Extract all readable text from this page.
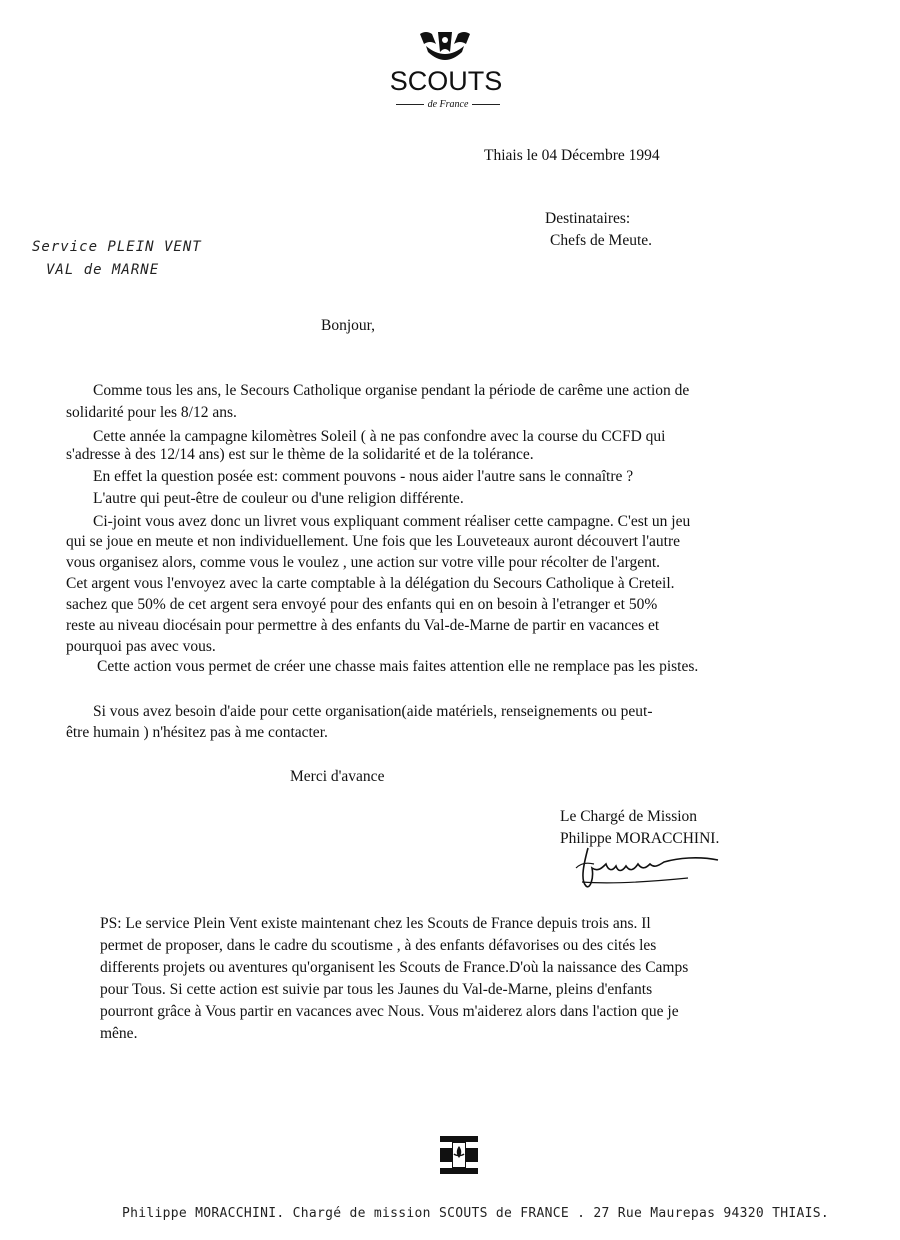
SCOUTS
de France
Thiais le 04 Décembre 1994
Destinataires:
Chefs de Meute.
Service PLEIN VENT
VAL de MARNE
Bonjour,
Comme tous les ans, le Secours Catholique organise pendant la période de carême une action de
solidarité pour les 8/12 ans.
Cette année la campagne kilomètres Soleil ( à ne pas confondre avec la course du CCFD qui
s'adresse à des 12/14 ans) est sur le thème de la solidarité et de la tolérance.
En effet la question posée est: comment pouvons - nous aider l'autre sans le connaître ?
L'autre qui peut-être de couleur ou d'une religion différente.
Ci-joint vous avez donc un livret vous expliquant comment réaliser cette campagne. C'est un jeu
qui se joue en meute et non individuellement. Une fois que les Louveteaux auront découvert l'autre
vous organisez alors, comme vous le voulez , une action sur votre ville pour récolter de l'argent.
Cet argent vous l'envoyez avec la carte comptable à la délégation du Secours Catholique à Creteil.
sachez que 50% de cet argent sera envoyé pour des enfants qui en on besoin à l'etranger et 50%
reste au niveau diocésain pour permettre à des enfants du Val-de-Marne de partir en vacances et
pourquoi pas avec vous.
Cette action vous permet de créer une chasse mais faites attention elle ne remplace pas les pistes.
Si vous avez besoin d'aide pour cette organisation(aide matériels, renseignements ou peut-
être humain ) n'hésitez pas à me contacter.
Merci d'avance
Le Chargé de Mission
Philippe MORACCHINI.
PS: Le service Plein Vent existe maintenant chez les Scouts de France depuis trois ans. Il
permet de proposer, dans le cadre du scoutisme , à des enfants défavorises ou des cités les
differents projets ou aventures qu'organisent les Scouts de France.D'où la naissance des Camps
pour Tous. Si cette action est suivie par tous les Jaunes du Val-de-Marne, pleins d'enfants
pourront grâce à Vous partir en vacances avec Nous. Vous m'aiderez alors dans l'action que je
mêne.
Philippe MORACCHINI. Chargé de mission SCOUTS de FRANCE . 27 Rue Maurepas 94320 THIAIS.
